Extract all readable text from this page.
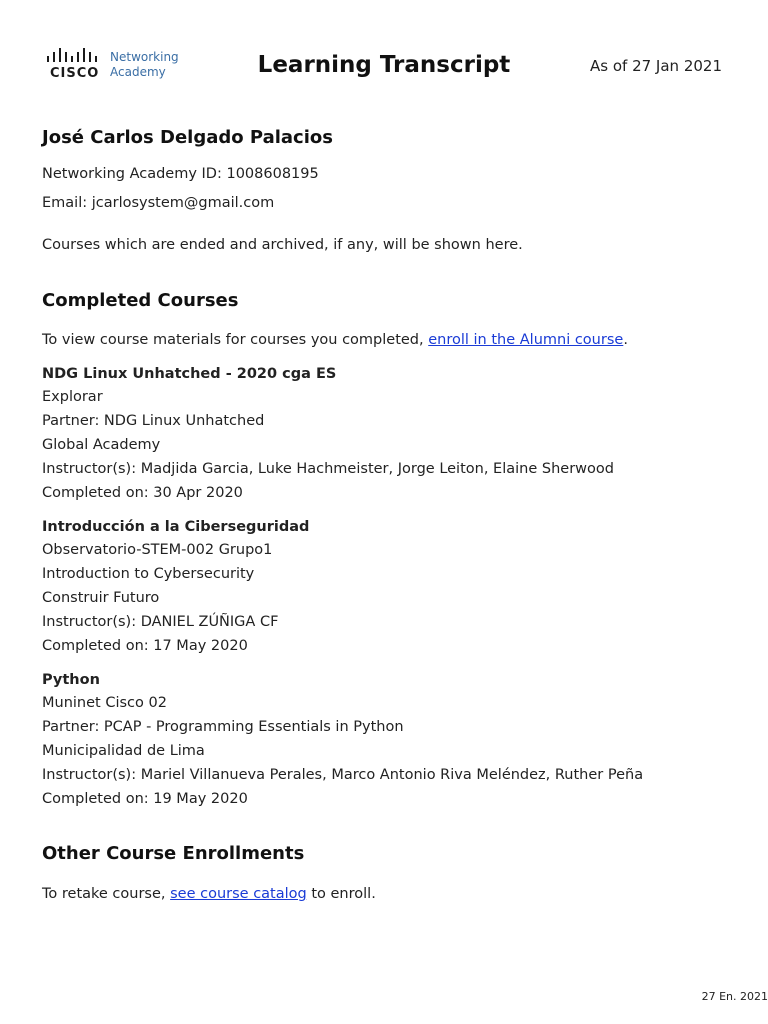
CISCO
Networking
Academy	Learning Transcript	As of 27 Jan 2021
José Carlos Delgado Palacios
Networking Academy ID: 1008608195
Email: jcarlosystem@gmail.com
Courses which are ended and archived, if any, will be shown here.
Completed Courses
To view course materials for courses you completed, enroll in the Alumni course.
NDG Linux Unhatched - 2020 cga ES
Explorar
Partner: NDG Linux Unhatched
Global Academy
Instructor(s): Madjida Garcia, Luke Hachmeister, Jorge Leiton, Elaine Sherwood
Completed on: 30 Apr 2020
Introducción a la Ciberseguridad
Observatorio-STEM-002 Grupo1
Introduction to Cybersecurity
Construir Futuro
Instructor(s): DANIEL ZÚÑIGA CF
Completed on: 17 May 2020
Python
Muninet Cisco 02
Partner: PCAP - Programming Essentials in Python
Municipalidad de Lima
Instructor(s): Mariel Villanueva Perales, Marco Antonio Riva Meléndez, Ruther Peña
Completed on: 19 May 2020
Other Course Enrollments
To retake course, see course catalog to enroll.
27 En. 2021
